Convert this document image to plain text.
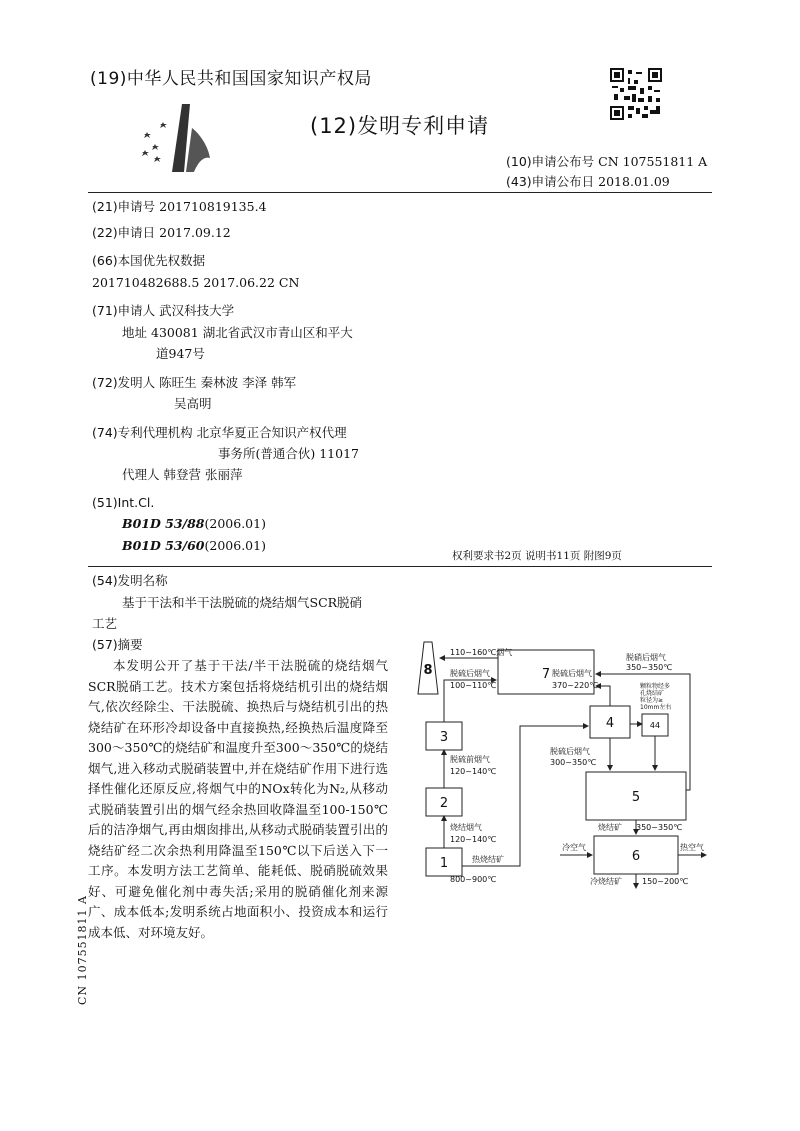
(19)中华人民共和国国家知识产权局
(12)发明专利申请
(10)申请公布号 CN 107551811 A
(43)申请公布日 2018.01.09
(21)申请号 201710819135.4
(22)申请日 2017.09.12
(66)本国优先权数据
201710482688.5 2017.06.22 CN
(71)申请人 武汉科技大学
地址 430081 湖北省武汉市青山区和平大
道947号
(72)发明人 陈旺生 秦林波 李泽 韩军
吴高明
(74)专利代理机构 北京华夏正合知识产权代理
事务所(普通合伙) 11017
代理人 韩登营 张丽萍
(51)Int.Cl.
B01D 53/88(2006.01)
B01D 53/60(2006.01)
权利要求书2页 说明书11页 附图9页
(54)发明名称
基于干法和半干法脱硫的烧结烟气SCR脱硝
工艺
(57)摘要
本发明公开了基于干法/半干法脱硫的烧结烟气SCR脱硝工艺。技术方案包括将烧结机引出的烧结烟气,依次经除尘、干法脱硫、换热后与烧结机引出的热烧结矿在环形冷却设备中直接换热,经换热后温度降至300～350℃的烧结矿和温度升至300～350℃的烧结烟气,进入移动式脱硝装置中,并在烧结矿作用下进行选择性催化还原反应,将烟气中的NOx转化为N₂,从移动式脱硝装置引出的烟气经余热回收降温至100-150℃后的洁净烟气,再由烟囱排出,从移动式脱硝装置引出的烧结矿经二次余热利用降温至150℃以下后送入下一工序。本发明方法工艺简单、能耗低、脱硝脱硫效果好、可避免催化剂中毒失活;采用的脱硝催化剂来源广、成本低本;发明系统占地面积小、投资成本和运行成本低、对环境友好。
CN 107551811 A
8	7
1
2
3
4
5
6
44
110~160℃烟气
脱硫后烟气
100~110℃
脱硫后烟气
370~220℃
脱硝后烟气
350~350℃
颗粒物经多
孔烧结矿
粒径为≥
10mm左右
脱硫后烟气
300~350℃
脱硫前烟气
120~140℃
烧结烟气
120~140℃
热烧结矿
800~900℃
烧结矿 350~350℃
冷空气	热空气
冷烧结矿	150~200℃
